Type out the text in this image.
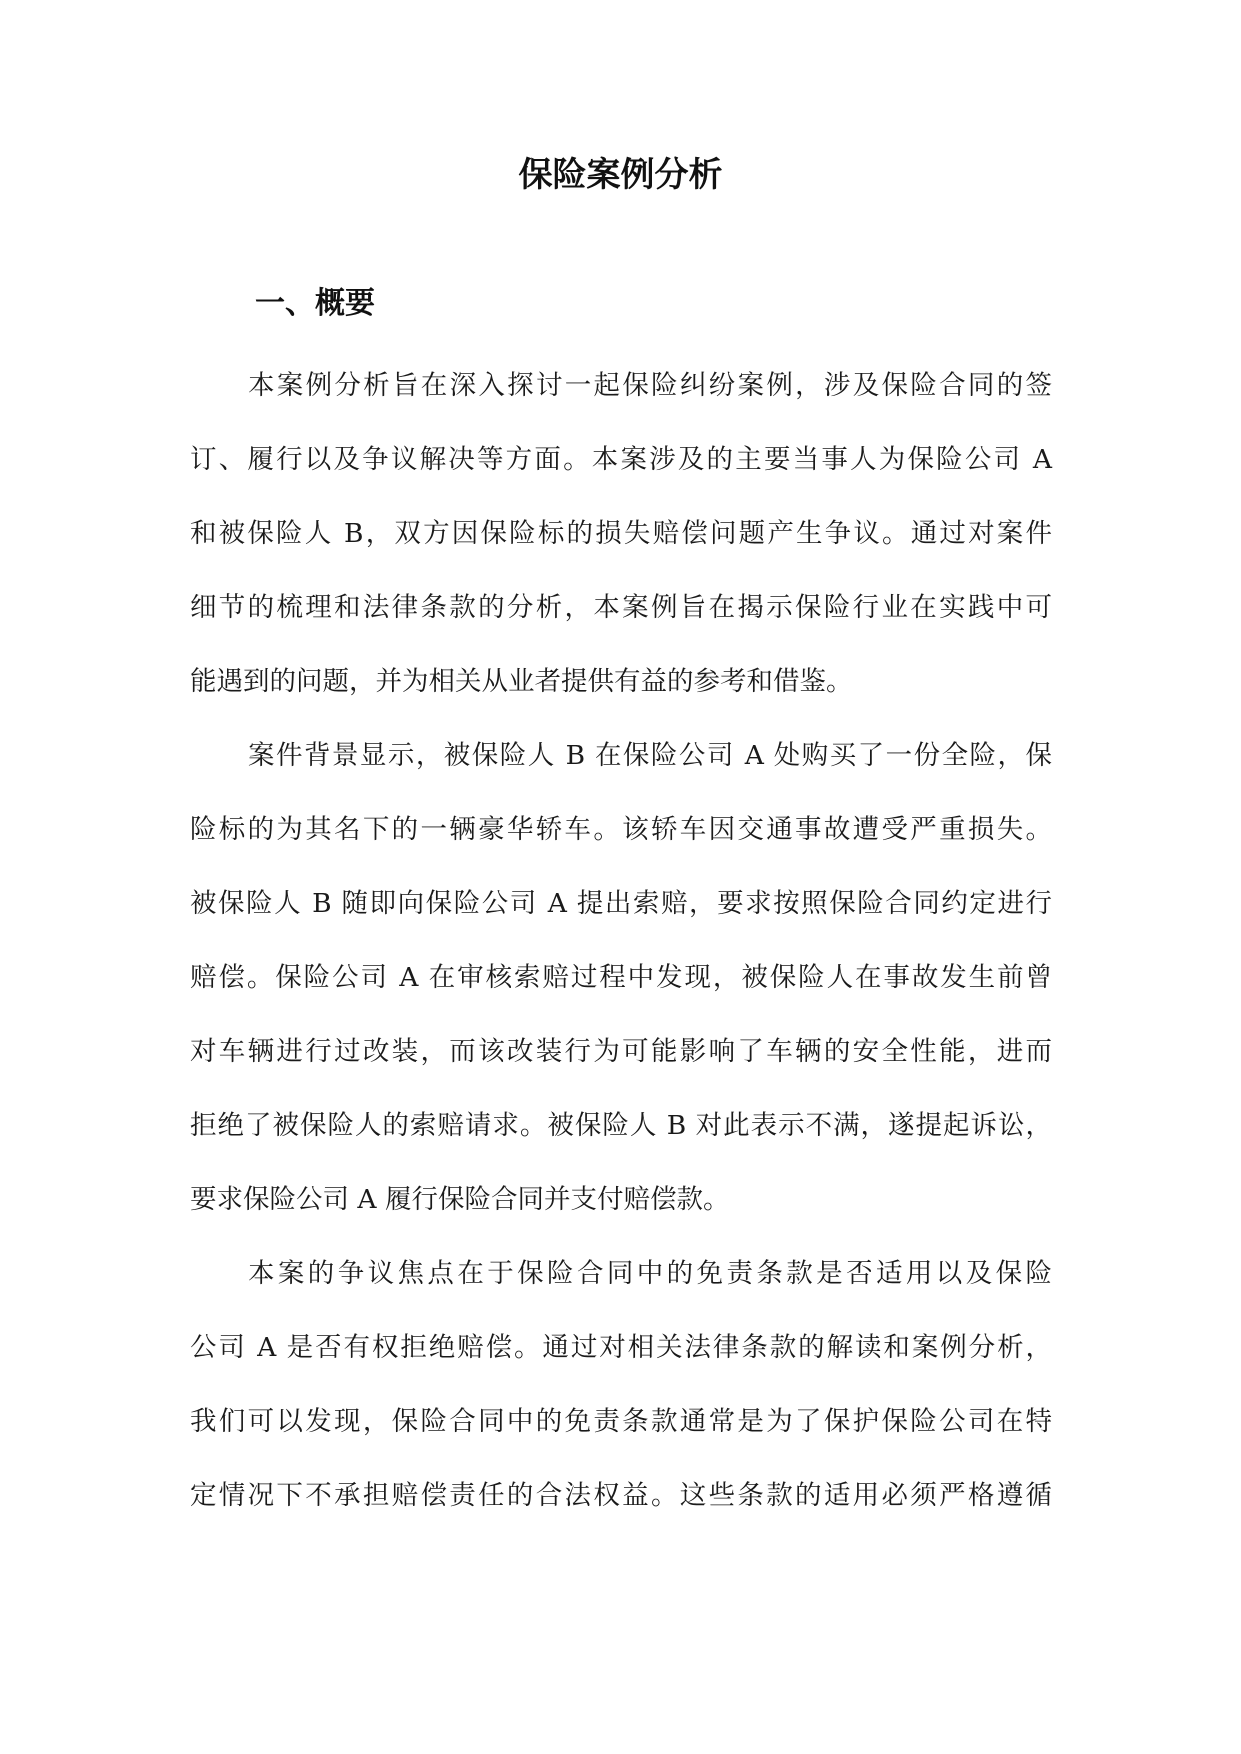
保险案例分析
一、概要

本案例分析旨在深入探讨一起保险纠纷案例，涉及保险合同的签
订、履行以及争议解决等方面。本案涉及的主要当事人为保险公司 A
和被保险人 B，双方因保险标的损失赔偿问题产生争议。通过对案件
细节的梳理和法律条款的分析，本案例旨在揭示保险行业在实践中可
能遇到的问题，并为相关从业者提供有益的参考和借鉴。

案件背景显示，被保险人 B 在保险公司 A 处购买了一份全险，保
险标的为其名下的一辆豪华轿车。该轿车因交通事故遭受严重损失。
被保险人 B 随即向保险公司 A 提出索赔，要求按照保险合同约定进行
赔偿。保险公司 A 在审核索赔过程中发现，被保险人在事故发生前曾
对车辆进行过改装，而该改装行为可能影响了车辆的安全性能，进而
拒绝了被保险人的索赔请求。被保险人 B 对此表示不满，遂提起诉讼，
要求保险公司 A 履行保险合同并支付赔偿款。

本案的争议焦点在于保险合同中的免责条款是否适用以及保险
公司 A 是否有权拒绝赔偿。通过对相关法律条款的解读和案例分析，
我们可以发现，保险合同中的免责条款通常是为了保护保险公司在特
定情况下不承担赔偿责任的合法权益。这些条款的适用必须严格遵循
